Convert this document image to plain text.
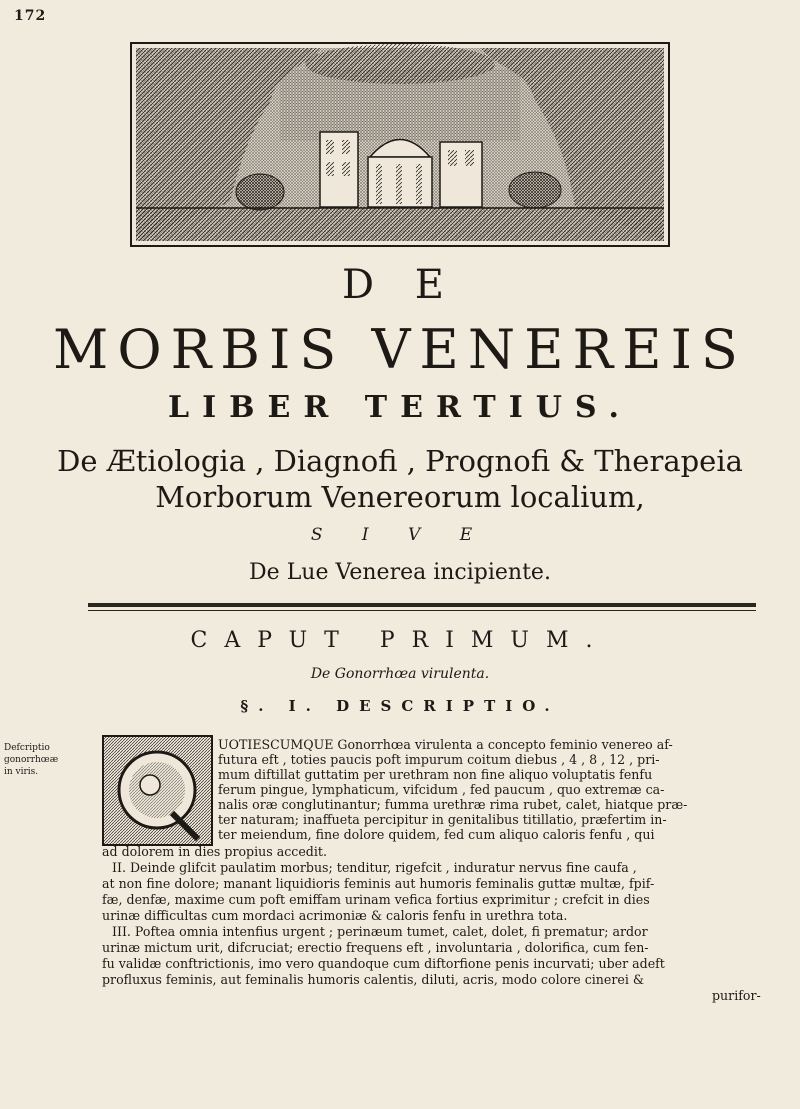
172
D E
MORBIS VENEREIS
LIBER TERTIUS.
De Ætiologia , Diagnofi , Prognofi & Therapeia
Morborum Venereorum localium,
S I V E
De Lue Venerea incipiente.
CAPUT PRIMUM.
De Gonorrhœa virulenta.
§. I. DESCRIPTIO.
Defcriptio
gonorrhœæ
in viris.
UOTIESCUMQUE Gonorrhœa virulenta a concepto feminio venereo af-
futura eft , toties paucis poft impurum coitum diebus , 4 , 8 , 12 , pri-
mum diftillat guttatim per urethram non fine aliquo voluptatis fenfu
ferum pingue, lymphaticum, vifcidum , fed paucum , quo extremæ ca-
nalis oræ conglutinantur; fumma urethræ rima rubet, calet, hiatque præ-
ter naturam; inaffueta percipitur in genitalibus titillatio, præfertim in-
ter meiendum, fine dolore quidem, fed cum aliquo caloris fenfu , qui
ad dolorem in dies propius accedit.
II. Deinde glifcit paulatim morbus; tenditur, rigefcit , induratur nervus fine caufa ,
at non fine dolore; manant liquidioris feminis aut humoris feminalis guttæ multæ, fpif-
fæ, denfæ, maxime cum poft emiffam urinam vefica fortius exprimitur ; crefcit in dies
urinæ difficultas cum mordaci acrimoniæ & caloris fenfu in urethra tota.
III. Poftea omnia intenfius urgent ; perinæum tumet, calet, dolet, fi prematur; ardor
urinæ mictum urit, difcruciat; erectio frequens eft , involuntaria , dolorifica, cum fen-
fu validæ conftrictionis, imo vero quandoque cum diftorfione penis incurvati; uber adeft
profluxus feminis, aut feminalis humoris calentis, diluti, acris, modo colore cinerei &
purifor-
